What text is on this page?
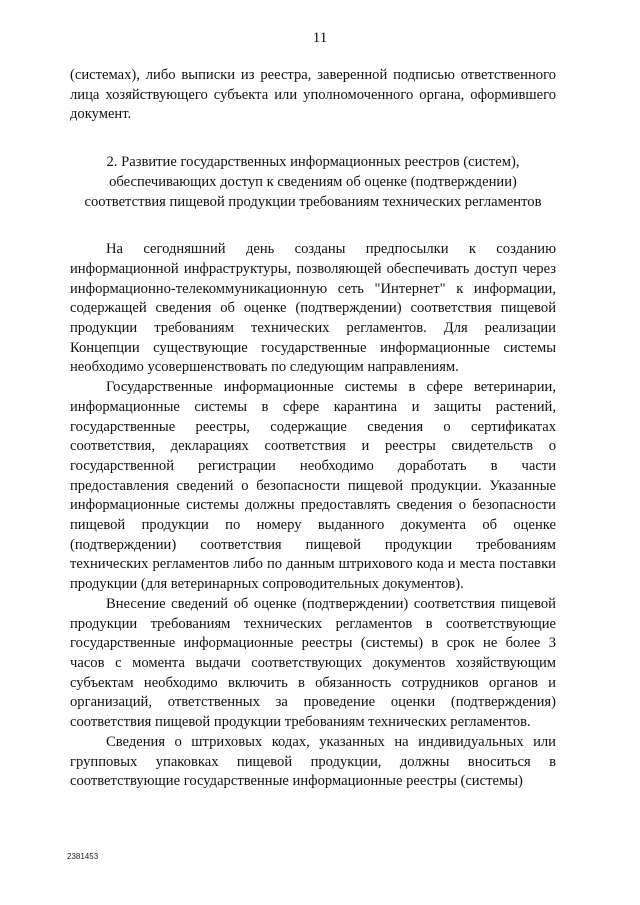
11

(системах), либо выписки из реестра, заверенной подписью ответственного лица хозяйствующего субъекта или уполномоченного органа, оформившего документ.

2. Развитие государственных информационных реестров (систем),
обеспечивающих доступ к сведениям об оценке (подтверждении)
соответствия пищевой продукции требованиям технических регламентов

На сегодняшний день созданы предпосылки к созданию информационной инфраструктуры, позволяющей обеспечивать доступ через информационно-телекоммуникационную сеть "Интернет" к информации, содержащей сведения об оценке (подтверждении) соответствия пищевой продукции требованиям технических регламентов. Для реализации Концепции существующие государственные информационные системы необходимо усовершенствовать по следующим направлениям.

Государственные информационные системы в сфере ветеринарии, информационные системы в сфере карантина и защиты растений, государственные реестры, содержащие сведения о сертификатах соответствия, декларациях соответствия и реестры свидетельств о государственной регистрации необходимо доработать в части предоставления сведений о безопасности пищевой продукции. Указанные информационные системы должны предоставлять сведения о безопасности пищевой продукции по номеру выданного документа об оценке (подтверждении) соответствия пищевой продукции требованиям технических регламентов либо по данным штрихового кода и места поставки продукции (для ветеринарных сопроводительных документов).

Внесение сведений об оценке (подтверждении) соответствия пищевой продукции требованиям технических регламентов в соответствующие государственные информационные реестры (системы) в срок не более 3 часов с момента выдачи соответствующих документов хозяйствующим субъектам необходимо включить в обязанность сотрудников органов и организаций, ответственных за проведение оценки (подтверждения) соответствия пищевой продукции требованиям технических регламентов.

Сведения о штриховых кодах, указанных на индивидуальных или групповых упаковках пищевой продукции, должны вноситься в соответствующие государственные информационные реестры (системы)

2381453
